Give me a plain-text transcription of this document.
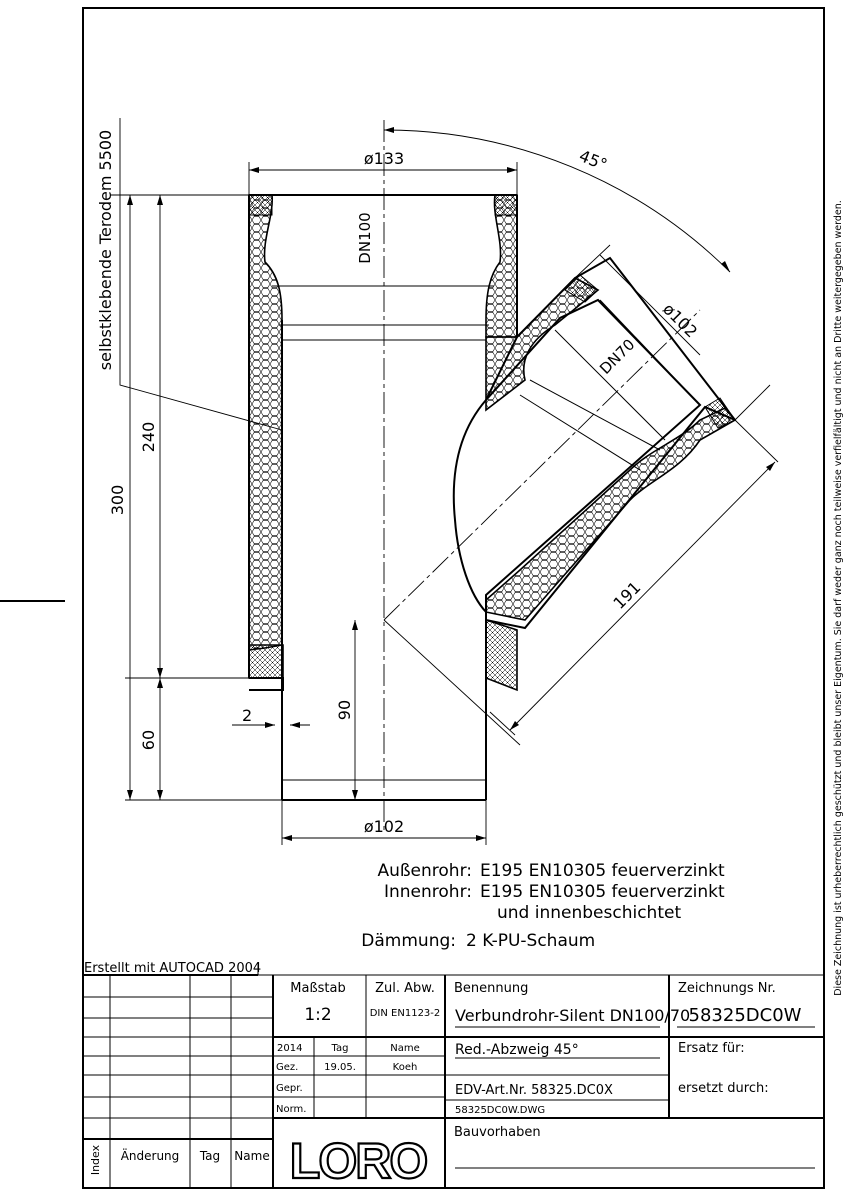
ø133	45°
ø102
191
300
240
60
90
2
ø102
DN100
DN70
selbstklebende Terodem 5500
Außenrohr: E195 EN10305 feuerverzinkt
Innenrohr: E195 EN10305 feuerverzinkt
und innenbeschichtet
Dämmung: 2 K-PU-Schaum	Diese Zeichnung ist urheberrechtlich geschützt und bleibt unser Eigentum. Sie darf weder ganz noch teilweise verfielfältigt und nicht an Dritte weitergegeben werden.
Erstellt mit AUTOCAD 2004
Index Änderung Tag Name
Maßstab
1:2
Zul. Abw.
DIN EN1123-2
Benennung
Verbundrohr-Silent DN100/70
Red.-Abzweig 45°
Zeichnungs Nr.
58325DC0W
Ersatz für:
ersetzt durch:
2014	Tag	Name
Gez.	19.05.	Koeh
Gepr.
Norm.
EDV-Art.Nr. 58325.DC0X
58325DC0W.DWG
Bauvorhaben
LORO
